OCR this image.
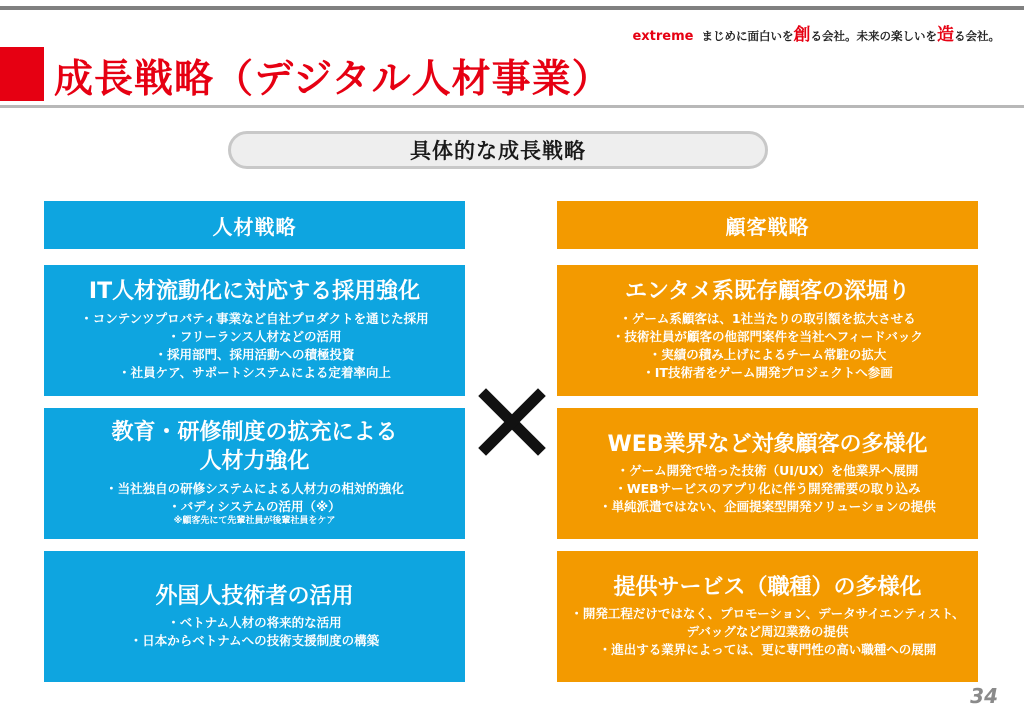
extreme まじめに面白いを創る会社。未来の楽しいを造る会社。
成長戦略（デジタル人材事業）
具体的な成長戦略
人材戦略
IT人材流動化に対応する採用強化
・コンテンツプロパティ事業など自社プロダクトを通じた採用
・フリーランス人材などの活用
・採用部門、採用活動への積極投資
・社員ケア、サポートシステムによる定着率向上
教育・研修制度の拡充による
人材力強化
・当社独自の研修システムによる人材力の相対的強化
・バディシステムの活用（※）
※顧客先にて先輩社員が後輩社員をケア
外国人技術者の活用
・ベトナム人材の将来的な活用
・日本からベトナムへの技術支援制度の構築
顧客戦略
エンタメ系既存顧客の深堀り
・ゲーム系顧客は、1社当たりの取引額を拡大させる
・技術社員が顧客の他部門案件を当社へフィードバック
・実績の積み上げによるチーム常駐の拡大
・IT技術者をゲーム開発プロジェクトへ参画
WEB業界など対象顧客の多様化
・ゲーム開発で培った技術（UI/UX）を他業界へ展開
・WEBサービスのアプリ化に伴う開発需要の取り込み
・単純派遣ではない、企画提案型開発ソリューションの提供
提供サービス（職種）の多様化
・開発工程だけではなく、プロモーション、データサイエンティスト、
デバッグなど周辺業務の提供
・進出する業界によっては、更に専門性の高い職種への展開
34
